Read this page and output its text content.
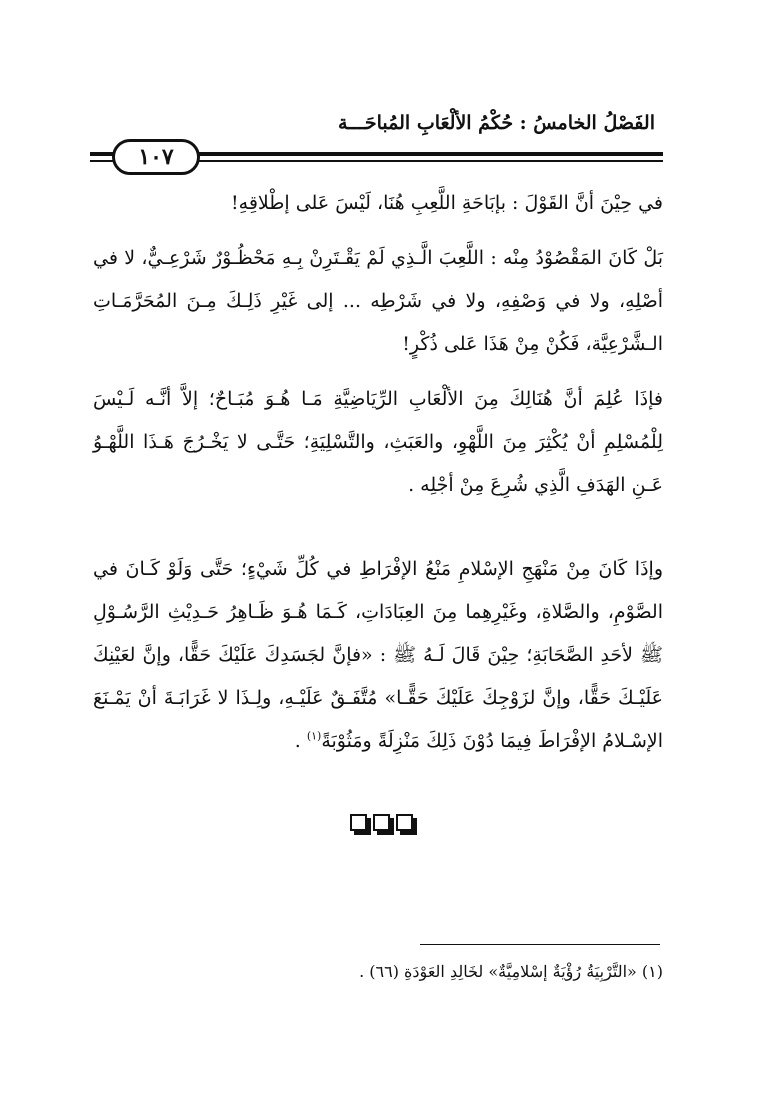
الفَصْلُ الخامسُ : حُكْمُ الألْعَابِ المُباحَـــة
١٠٧
في حِيْنَ أنَّ القَوْلَ : بإبَاحَةِ اللَّعِبِ هُنَا، لَيْسَ عَلى إطْلاقِهِ!
بَلْ كَانَ المَقْصُوْدُ مِنْه : اللَّعِبَ الَّـذِي لَمْ يَقْـتَرِنْ بِـهِ مَحْظُـوْرٌ شَرْعِـيٌّ، لا في أصْلِهِ، ولا في وَصْفِهِ، ولا في شَرْطِه ... إلى غَيْرِ ذَلِـكَ مِـنَ المُحَرَّمَـاتِ الـشَّرْعِيَّة، فَكُنْ مِنْ هَذَا عَلى ذُكْرٍ!
فإذَا عُلِمَ أنَّ هُنَالِكَ مِنَ الألْعَابِ الرِّيَاضِيَّةِ مَـا هُـوَ مُبَـاحٌ؛ إلاَّ أنَّـه لَـيْسَ لِلْمُسْلِمِ أنْ يُكْثِرَ مِنَ اللَّهْوِ، والعَبَثِ، والتَّسْلِيَةِ؛ حَتَّـى لا يَخْـرُجَ هَـذَا اللَّهْـوُ عَـنِ الهَدَفِ الَّذِي شُرِعَ مِنْ أجْلِه .
وإذَا كَانَ مِنْ مَنْهَجِ الإسْلامِ مَنْعُ الإفْرَاطِ في كُلِّ شَيْءٍ؛ حَتَّى وَلَوْ كَـانَ في الصَّوْمِ، والصَّلاةِ، وغَيْرِهِما مِنَ العِبَادَاتِ، كَـمَا هُـوَ ظَـاهِرُ حَـدِيْثِ الرَّسُـوْلِ ﷺ لأحَدِ الصَّحَابَةِ؛ حِيْنَ قَالَ لَـهُ ﷺ : «فإنَّ لجَسَدِكَ عَلَيْكَ حَقًّا، وإنَّ لعَيْنِكَ عَلَيْـكَ حَقًّا، وإنَّ لزَوْجِكَ عَلَيْكَ حَقًّـا» مُتَّفَـقٌ عَلَيْـهِ، ولِـذَا لا غَرَابَـةَ أنْ يَمْـنَعَ الإسْـلامُ الإفْرَاطَ فِيمَا دُوْنَ ذَلِكَ مَنْزِلَةً ومَثُوْبَةً$^{(١)}$ .
(١) «التَّرْبِيَةُ رُؤْيَةٌ إسْلامِيَّةٌ» لخَالِدِ العَوْدَةِ (٦٦) .
